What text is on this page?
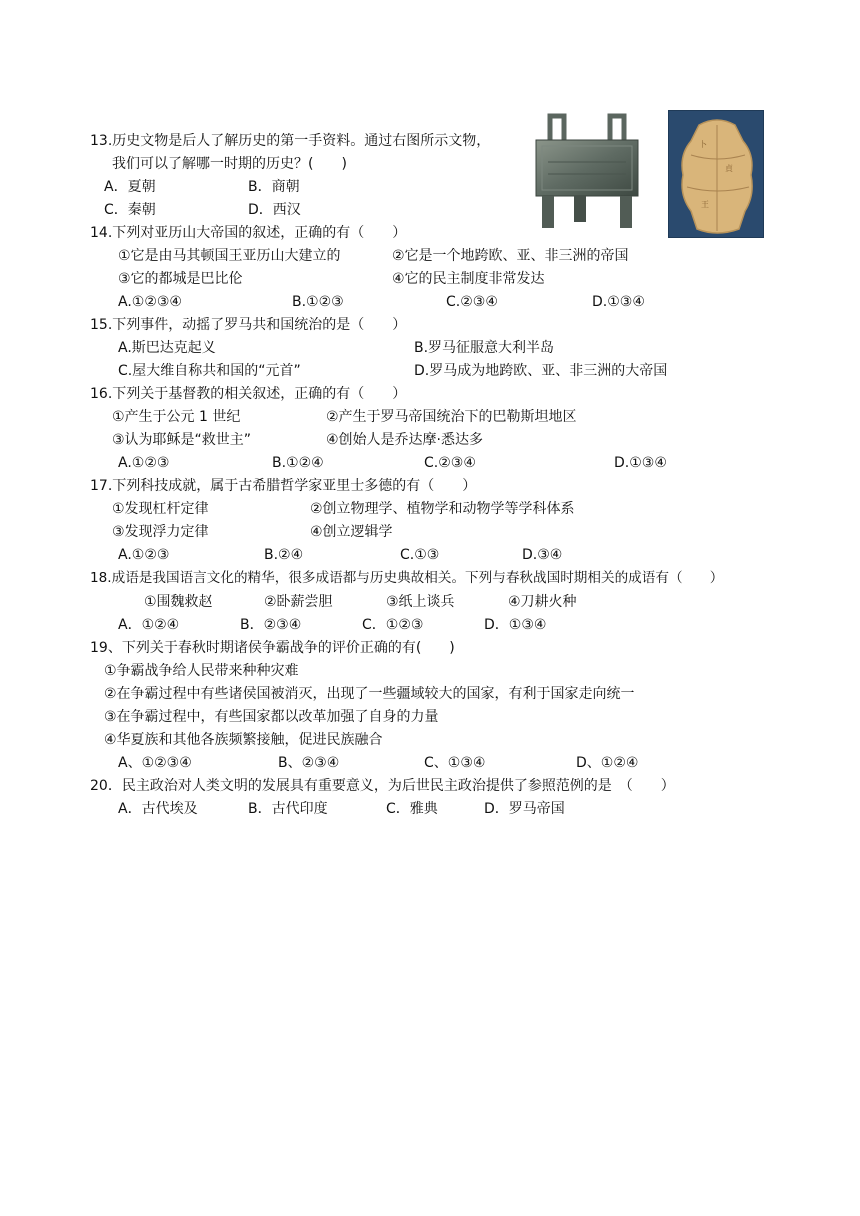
卜
貞
王
13.历史文物是后人了解历史的第一手资料。通过右图所示文物，
我们可以了解哪一时期的历史？(　　)
A．夏朝	B．商朝
C．秦朝	D．西汉
14.下列对亚历山大帝国的叙述，正确的有（　　）
①它是由马其顿国王亚历山大建立的	②它是一个地跨欧、亚、非三洲的帝国
③它的都城是巴比伦	④它的民主制度非常发达
A.①②③④	B.①②③	C.②③④	D.①③④
15.下列事件，动摇了罗马共和国统治的是（　　）
A.斯巴达克起义	B.罗马征服意大利半岛
C.屋大维自称共和国的“元首”	D.罗马成为地跨欧、亚、非三洲的大帝国
16.下列关于基督教的相关叙述，正确的有（　　）
①产生于公元 1 世纪	②产生于罗马帝国统治下的巴勒斯坦地区
③认为耶稣是“救世主”	④创始人是乔达摩·悉达多
A.①②③	B.①②④	C.②③④	D.①③④
17.下列科技成就，属于古希腊哲学家亚里士多德的有（　　）
①发现杠杆定律	②创立物理学、植物学和动物学等学科体系
③发现浮力定律	④创立逻辑学
A.①②③	B.②④	C.①③	D.③④
18.成语是我国语言文化的精华，很多成语都与历史典故相关。下列与春秋战国时期相关的成语有（　　）
①围魏救赵	②卧薪尝胆	③纸上谈兵	④刀耕火种
A．①②④	B．②③④	C．①②③	D．①③④
19、下列关于春秋时期诸侯争霸战争的评价正确的有(　　)
①争霸战争给人民带来种种灾难
②在争霸过程中有些诸侯国被消灭，出现了一些疆域较大的国家，有利于国家走向统一
③在争霸过程中，有些国家都以改革加强了自身的力量
④华夏族和其他各族频繁接触，促进民族融合
A、①②③④	B、②③④	C、①③④	D、①②④
20．民主政治对人类文明的发展具有重要意义，为后世民主政治提供了参照范例的是　（　　）
A．古代埃及	B．古代印度	C．雅典	D．罗马帝国
